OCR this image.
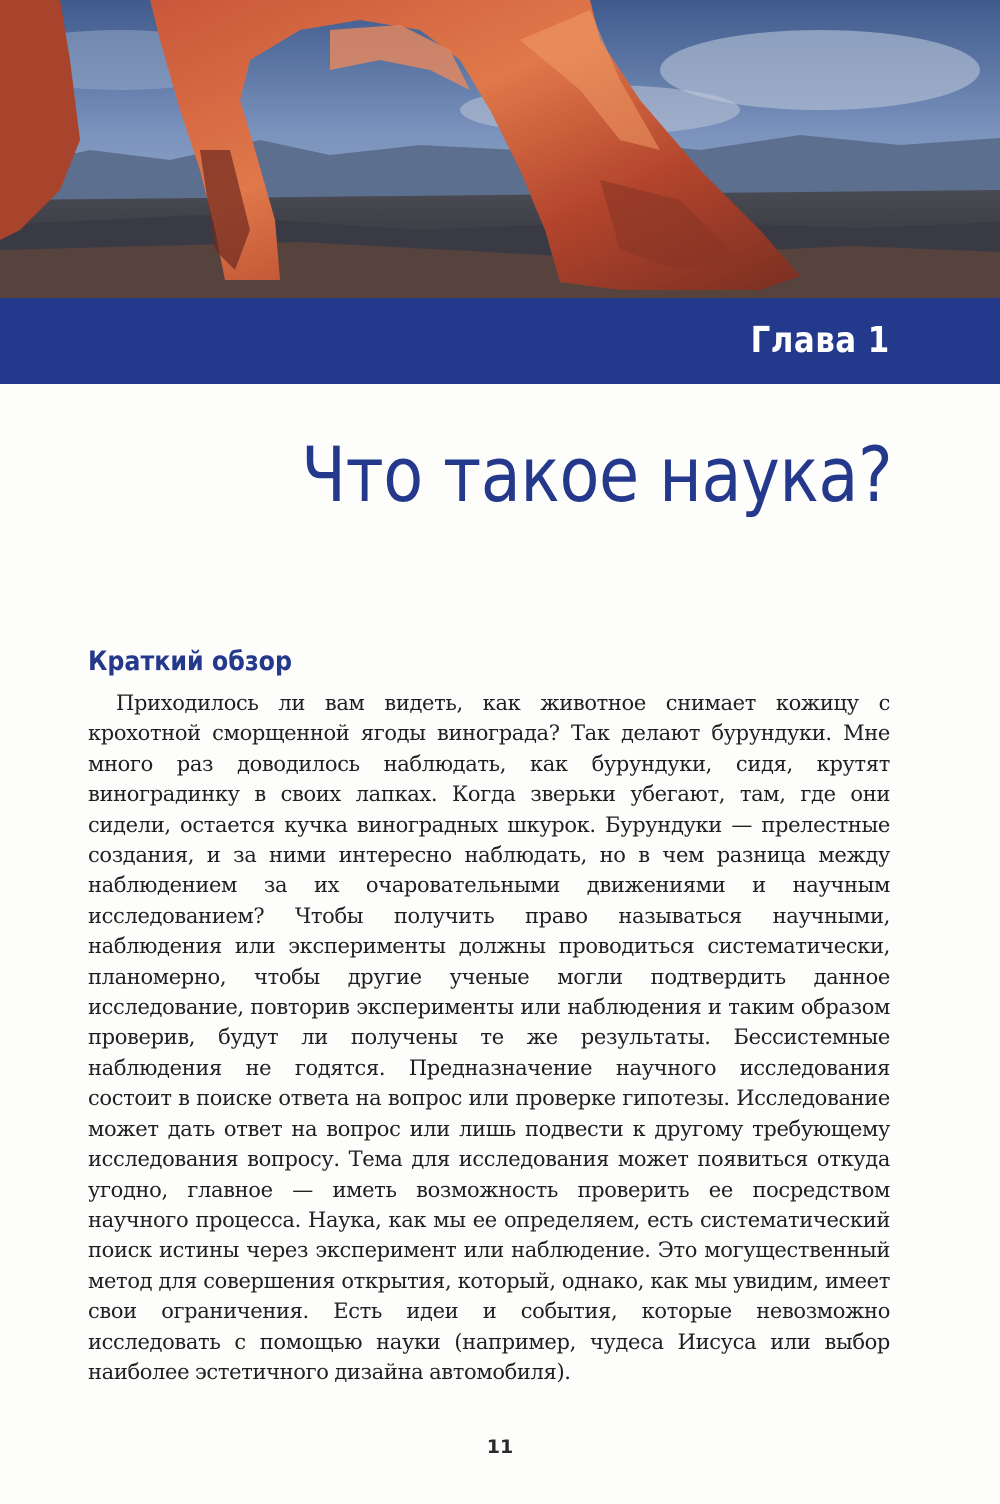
Глава 1
Что такое наука?
Краткий обзор

Приходилось ли вам видеть, как животное снимает кожицу с крохотной сморщенной ягоды винограда? Так делают бурундуки. Мне много раз доводилось наблюдать, как бурундуки, сидя, крутят виноградинку в своих лапках. Когда зверьки убегают, там, где они сидели, остается кучка виноградных шкурок. Бурундуки — прелестные создания, и за ними интересно наблюдать, но в чем разница между наблюдением за их очаровательными движениями и научным исследованием? Чтобы получить право называться научными, наблюдения или эксперименты должны проводиться систематически, планомерно, чтобы другие ученые могли подтвердить данное исследование, повторив эксперименты или наблюдения и таким образом проверив, будут ли получены те же результаты. Бессистемные наблюдения не годятся. Предназначение научного исследования состоит в поиске ответа на вопрос или проверке гипотезы. Исследование может дать ответ на вопрос или лишь подвести к другому требующему исследования вопросу. Тема для исследования может появиться откуда угодно, главное — иметь возможность проверить ее посредством научного процесса. Наука, как мы ее определяем, есть систематический поиск истины через эксперимент или наблюдение. Это могущественный метод для совершения открытия, который, однако, как мы увидим, имеет свои ограничения. Есть идеи и события, которые невозможно исследовать с помощью науки (например, чудеса Иисуса или выбор наиболее эстетичного дизайна автомобиля).

11
